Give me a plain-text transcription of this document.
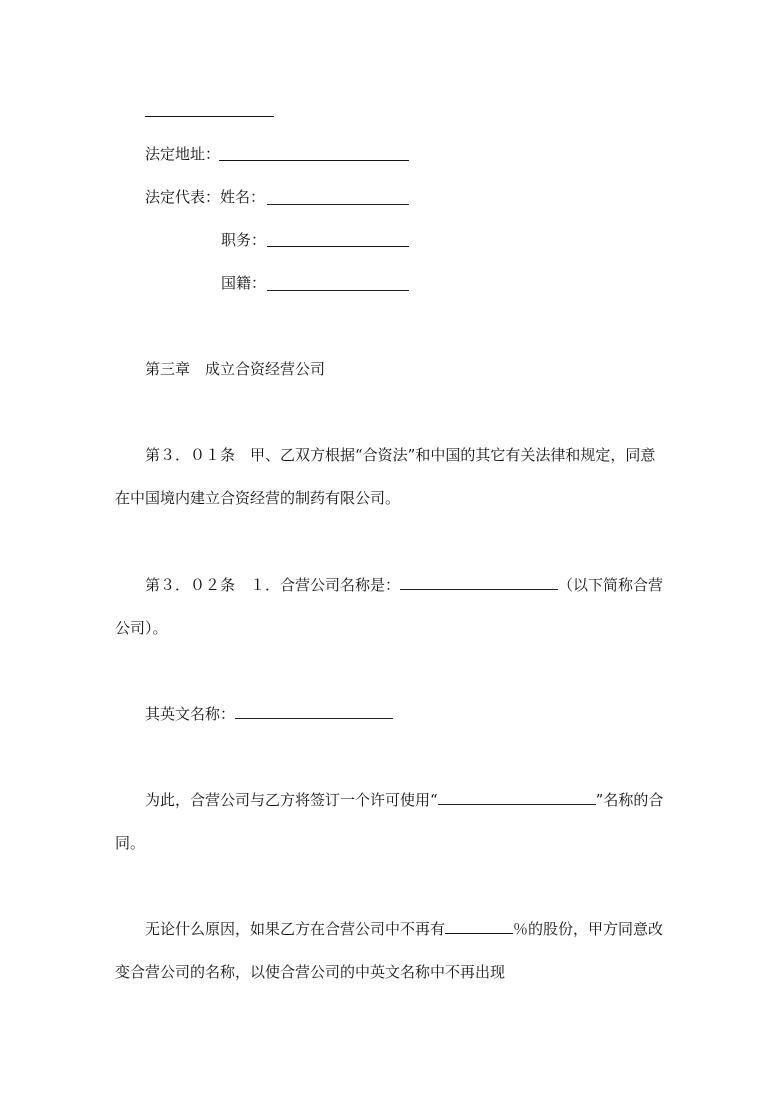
法定地址：
法定代表：姓名：
职务：
国籍：
第三章　成立合资经营公司
第３．０１条　甲、乙双方根据“合资法”和中国的其它有关法律和规定，同意
在中国境内建立合资经营的制药有限公司。
第３．０２条　１．合营公司名称是：	（以下简称合营
公司）。
其英文名称：
为此，合营公司与乙方将签订一个许可使用“	”名称的合
同。
无论什么原因，如果乙方在合营公司中不再有	％的股份，甲方同意改
变合营公司的名称，以使合营公司的中英文名称中不再出现
